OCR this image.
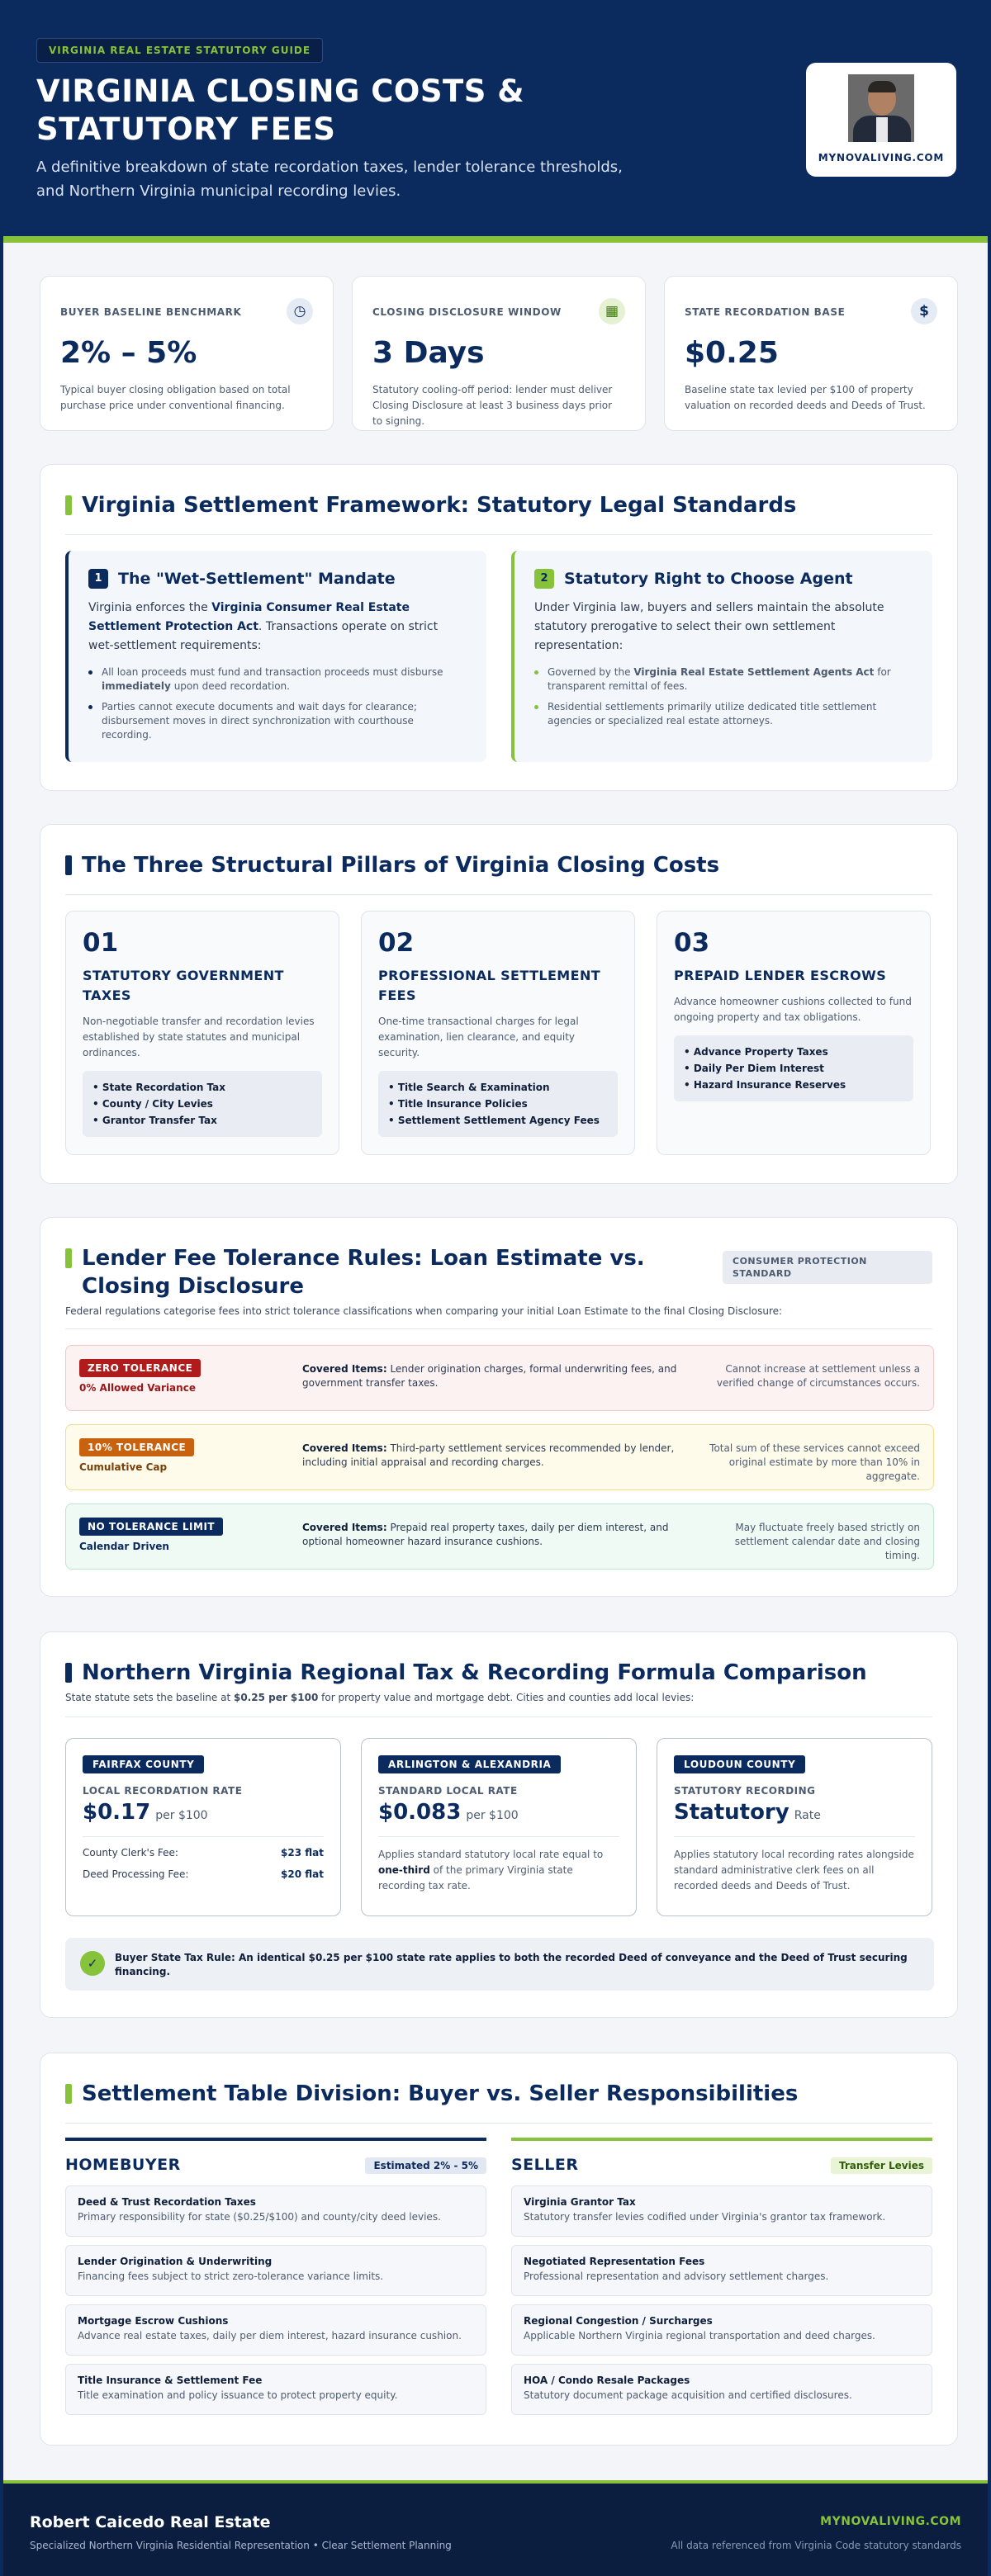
VIRGINIA REAL ESTATE STATUTORY GUIDE
VIRGINIA CLOSING COSTS & STATUTORY FEES
A definitive breakdown of state recordation taxes, lender tolerance thresholds, and Northern Virginia municipal recording levies.
MYNOVALIVING.COM
BUYER BASELINE BENCHMARK	◷
2% – 5%
Typical buyer closing obligation based on total purchase price under conventional financing.
CLOSING DISCLOSURE WINDOW	▦
3 Days
Statutory cooling-off period: lender must deliver Closing Disclosure at least 3 business days prior to signing.
STATE RECORDATION BASE	$
$0.25
Baseline state tax levied per $100 of property valuation on recorded deeds and Deeds of Trust.
Virginia Settlement Framework: Statutory Legal Standards
1	The "Wet-Settlement" Mandate
Virginia enforces the Virginia Consumer Real Estate Settlement Protection Act. Transactions operate on strict wet-settlement requirements:
All loan proceeds must fund and transaction proceeds must disburse immediately upon deed recordation.
Parties cannot execute documents and wait days for clearance; disbursement moves in direct synchronization with courthouse recording.
2	Statutory Right to Choose Agent
Under Virginia law, buyers and sellers maintain the absolute statutory prerogative to select their own settlement representation:
Governed by the Virginia Real Estate Settlement Agents Act for transparent remittal of fees.
Residential settlements primarily utilize dedicated title settlement agencies or specialized real estate attorneys.
The Three Structural Pillars of Virginia Closing Costs
01
STATUTORY GOVERNMENT TAXES
Non-negotiable transfer and recordation levies established by state statutes and municipal ordinances.
• State Recordation Tax
• County / City Levies
• Grantor Transfer Tax
02
PROFESSIONAL SETTLEMENT FEES
One-time transactional charges for legal examination, lien clearance, and equity security.
• Title Search & Examination
• Title Insurance Policies
• Settlement Settlement Agency Fees
03
PREPAID LENDER ESCROWS
Advance homeowner cushions collected to fund ongoing property and tax obligations.
• Advance Property Taxes
• Daily Per Diem Interest
• Hazard Insurance Reserves
Lender Fee Tolerance Rules: Loan Estimate vs. Closing Disclosure
CONSUMER PROTECTION STANDARD
Federal regulations categorise fees into strict tolerance classifications when comparing your initial Loan Estimate to the final Closing Disclosure:
ZERO TOLERANCE
0% Allowed Variance
Covered Items: Lender origination charges, formal underwriting fees, and government transfer taxes.
Cannot increase at settlement unless a verified change of circumstances occurs.
10% TOLERANCE
Cumulative Cap
Covered Items: Third-party settlement services recommended by lender, including initial appraisal and recording charges.
Total sum of these services cannot exceed original estimate by more than 10% in aggregate.
NO TOLERANCE LIMIT
Calendar Driven
Covered Items: Prepaid real property taxes, daily per diem interest, and optional homeowner hazard insurance cushions.
May fluctuate freely based strictly on settlement calendar date and closing timing.
Northern Virginia Regional Tax & Recording Formula Comparison
State statute sets the baseline at $0.25 per $100 for property value and mortgage debt. Cities and counties add local levies:
FAIRFAX COUNTY
LOCAL RECORDATION RATE
$0.17 per $100
County Clerk's Fee:	$23 flat
Deed Processing Fee:	$20 flat
ARLINGTON & ALEXANDRIA
STANDARD LOCAL RATE
$0.083 per $100
Applies standard statutory local rate equal to one-third of the primary Virginia state recording tax rate.
LOUDOUN COUNTY
STATUTORY RECORDING
Statutory Rate
Applies statutory local recording rates alongside standard administrative clerk fees on all recorded deeds and Deeds of Trust.
✓	Buyer State Tax Rule: An identical $0.25 per $100 state rate applies to both the recorded Deed of conveyance and the Deed of Trust securing financing.
Settlement Table Division: Buyer vs. Seller Responsibilities
HOMEBUYER	Estimated 2% - 5%
Deed & Trust Recordation Taxes
Primary responsibility for state ($0.25/$100) and county/city deed levies.
Lender Origination & Underwriting
Financing fees subject to strict zero-tolerance variance limits.
Mortgage Escrow Cushions
Advance real estate taxes, daily per diem interest, hazard insurance cushion.
Title Insurance & Settlement Fee
Title examination and policy issuance to protect property equity.
SELLER	Transfer Levies
Virginia Grantor Tax
Statutory transfer levies codified under Virginia's grantor tax framework.
Negotiated Representation Fees
Professional representation and advisory settlement charges.
Regional Congestion / Surcharges
Applicable Northern Virginia regional transportation and deed charges.
HOA / Condo Resale Packages
Statutory document package acquisition and certified disclosures.
Robert Caicedo Real Estate
Specialized Northern Virginia Residential Representation • Clear Settlement Planning
MYNOVALIVING.COM
All data referenced from Virginia Code statutory standards
